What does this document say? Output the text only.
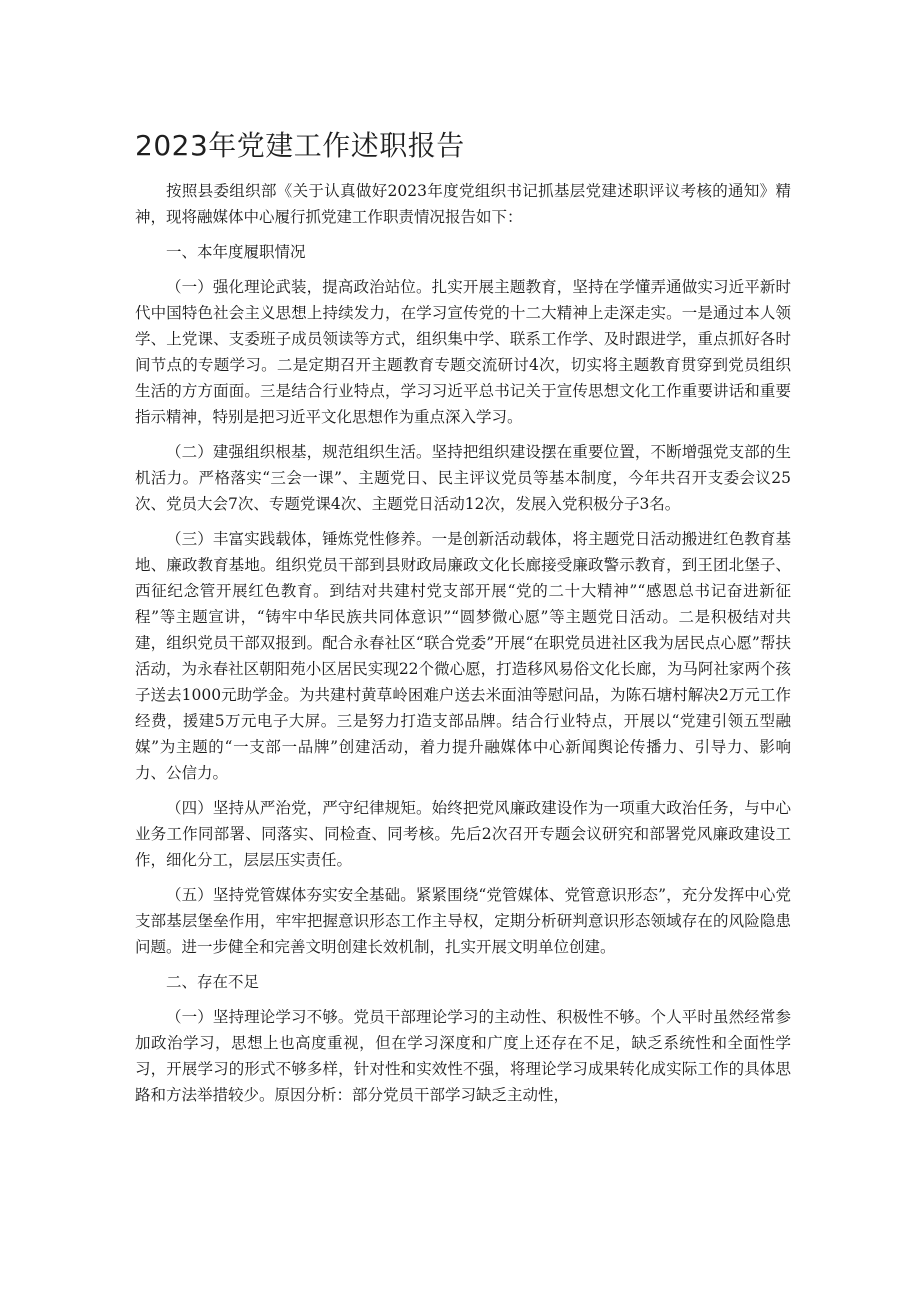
2023年党建工作述职报告

按照县委组织部《关于认真做好2023年度党组织书记抓基层党建述职评议考核的通知》精神，现将融媒体中心履行抓党建工作职责情况报告如下：

一、本年度履职情况

（一）强化理论武装，提高政治站位。扎实开展主题教育，坚持在学懂弄通做实习近平新时代中国特色社会主义思想上持续发力，在学习宣传党的十二大精神上走深走实。一是通过本人领学、上党课、支委班子成员领读等方式，组织集中学、联系工作学、及时跟进学，重点抓好各时间节点的专题学习。二是定期召开主题教育专题交流研讨4次，切实将主题教育贯穿到党员组织生活的方方面面。三是结合行业特点，学习习近平总书记关于宣传思想文化工作重要讲话和重要指示精神，特别是把习近平文化思想作为重点深入学习。

（二）建强组织根基，规范组织生活。坚持把组织建设摆在重要位置，不断增强党支部的生机活力。严格落实“三会一课”、主题党日、民主评议党员等基本制度，今年共召开支委会议25次、党员大会7次、专题党课4次、主题党日活动12次，发展入党积极分子3名。

（三）丰富实践载体，锤炼党性修养。一是创新活动载体，将主题党日活动搬进红色教育基地、廉政教育基地。组织党员干部到县财政局廉政文化长廊接受廉政警示教育，到王团北堡子、西征纪念管开展红色教育。到结对共建村党支部开展“党的二十大精神”“感恩总书记奋进新征程”等主题宣讲，“铸牢中华民族共同体意识”“圆梦微心愿”等主题党日活动。二是积极结对共建，组织党员干部双报到。配合永春社区“联合党委”开展“在职党员进社区我为居民点心愿”帮扶活动，为永春社区朝阳苑小区居民实现22个微心愿，打造移风易俗文化长廊，为马阿社家两个孩子送去1000元助学金。为共建村黄草岭困难户送去米面油等慰问品，为陈石塘村解决2万元工作经费，援建5万元电子大屏。三是努力打造支部品牌。结合行业特点，开展以“党建引领五型融媒”为主题的“一支部一品牌”创建活动，着力提升融媒体中心新闻舆论传播力、引导力、影响力、公信力。

（四）坚持从严治党，严守纪律规矩。始终把党风廉政建设作为一项重大政治任务，与中心业务工作同部署、同落实、同检查、同考核。先后2次召开专题会议研究和部署党风廉政建设工作，细化分工，层层压实责任。

（五）坚持党管媒体夯实安全基础。紧紧围绕“党管媒体、党管意识形态”，充分发挥中心党支部基层堡垒作用，牢牢把握意识形态工作主导权，定期分析研判意识形态领域存在的风险隐患问题。进一步健全和完善文明创建长效机制，扎实开展文明单位创建。

二、存在不足

（一）坚持理论学习不够。党员干部理论学习的主动性、积极性不够。个人平时虽然经常参加政治学习，思想上也高度重视，但在学习深度和广度上还存在不足，缺乏系统性和全面性学习，开展学习的形式不够多样，针对性和实效性不强，将理论学习成果转化成实际工作的具体思路和方法举措较少。原因分析：部分党员干部学习缺乏主动性，
